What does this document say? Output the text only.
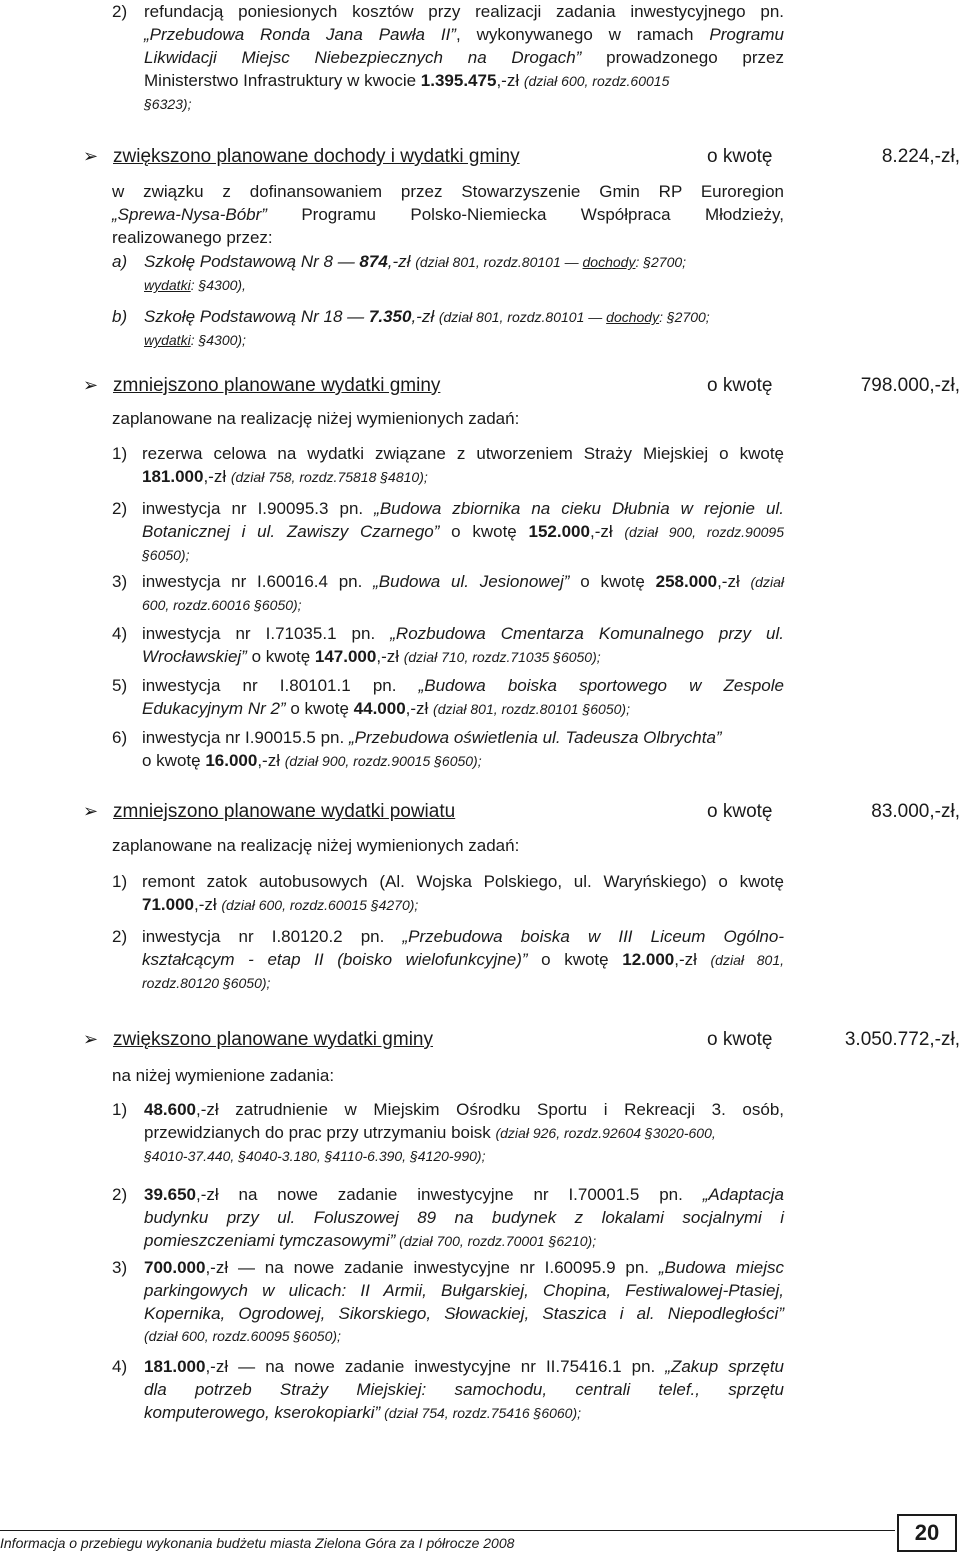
2) refundacją poniesionych kosztów przy realizacji zadania inwestycyjnego pn.
„Przebudowa Ronda Jana Pawła II”, wykonywanego w ramach Programu
Likwidacji Miejsc Niebezpiecznych na Drogach” prowadzonego przez
Ministerstwo Infrastruktury w kwocie 1.395.475,-zł (dział 600, rozdz.60015
§6323);
➢ zwiększono planowane dochody i wydatki gminy	o kwotę	8.224,-zł,
w związku z dofinansowaniem przez Stowarzyszenie Gmin RP Euroregion
„Sprewa-Nysa-Bóbr” Programu Polsko-Niemiecka Współpraca Młodzieży,
realizowanego przez:
a) Szkołę Podstawową Nr 8 — 874,-zł (dział 801, rozdz.80101 — dochody: §2700;
wydatki: §4300),
b) Szkołę Podstawową Nr 18 — 7.350,-zł (dział 801, rozdz.80101 — dochody: §2700;
wydatki: §4300);
➢ zmniejszono planowane wydatki gminy	o kwotę	798.000,-zł,
zaplanowane na realizację niżej wymienionych zadań:
1) rezerwa celowa na wydatki związane z utworzeniem Straży Miejskiej o kwotę
181.000,-zł (dział 758, rozdz.75818 §4810);
2) inwestycja nr I.90095.3 pn. „Budowa zbiornika na cieku Dłubnia w rejonie ul.
Botanicznej i ul. Zawiszy Czarnego” o kwotę 152.000,-zł (dział 900, rozdz.90095
§6050);
3) inwestycja nr I.60016.4 pn. „Budowa ul. Jesionowej” o kwotę 258.000,-zł (dział
600, rozdz.60016 §6050);
4) inwestycja nr I.71035.1 pn. „Rozbudowa Cmentarza Komunalnego przy ul.
Wrocławskiej” o kwotę 147.000,-zł (dział 710, rozdz.71035 §6050);
5) inwestycja nr I.80101.1 pn. „Budowa boiska sportowego w Zespole
Edukacyjnym Nr 2” o kwotę 44.000,-zł (dział 801, rozdz.80101 §6050);
6) inwestycja nr I.90015.5 pn. „Przebudowa oświetlenia ul. Tadeusza Olbrychta”
o kwotę 16.000,-zł (dział 900, rozdz.90015 §6050);
➢ zmniejszono planowane wydatki powiatu	o kwotę	83.000,-zł,
zaplanowane na realizację niżej wymienionych zadań:
1) remont zatok autobusowych (Al. Wojska Polskiego, ul. Waryńskiego) o kwotę
71.000,-zł (dział 600, rozdz.60015 §4270);
2) inwestycja nr I.80120.2 pn. „Przebudowa boiska w III Liceum Ogólno-
kształcącym - etap II (boisko wielofunkcyjne)” o kwotę 12.000,-zł (dział 801,
rozdz.80120 §6050);
➢ zwiększono planowane wydatki gminy	o kwotę	3.050.772,-zł,
na niżej wymienione zadania:
1) 48.600,-zł zatrudnienie w Miejskim Ośrodku Sportu i Rekreacji 3. osób,
przewidzianych do prac przy utrzymaniu boisk (dział 926, rozdz.92604 §3020-600,
§4010-37.440, §4040-3.180, §4110-6.390, §4120-990);
2) 39.650,-zł na nowe zadanie inwestycyjne nr I.70001.5 pn. „Adaptacja
budynku przy ul. Foluszowej 89 na budynek z lokalami socjalnymi i
pomieszczeniami tymczasowymi” (dział 700, rozdz.70001 §6210);
3) 700.000,-zł — na nowe zadanie inwestycyjne nr I.60095.9 pn. „Budowa miejsc
parkingowych w ulicach: II Armii, Bułgarskiej, Chopina, Festiwalowej-Ptasiej,
Kopernika, Ogrodowej, Sikorskiego, Słowackiej, Staszica i al. Niepodległości”
(dział 600, rozdz.60095 §6050);
4) 181.000,-zł — na nowe zadanie inwestycyjne nr II.75416.1 pn. „Zakup sprzętu
dla potrzeb Straży Miejskiej: samochodu, centrali telef., sprzętu
komputerowego, kserokopiarki” (dział 754, rozdz.75416 §6060);
Informacja o przebiegu wykonania budżetu miasta Zielona Góra za I półrocze 2008	20
